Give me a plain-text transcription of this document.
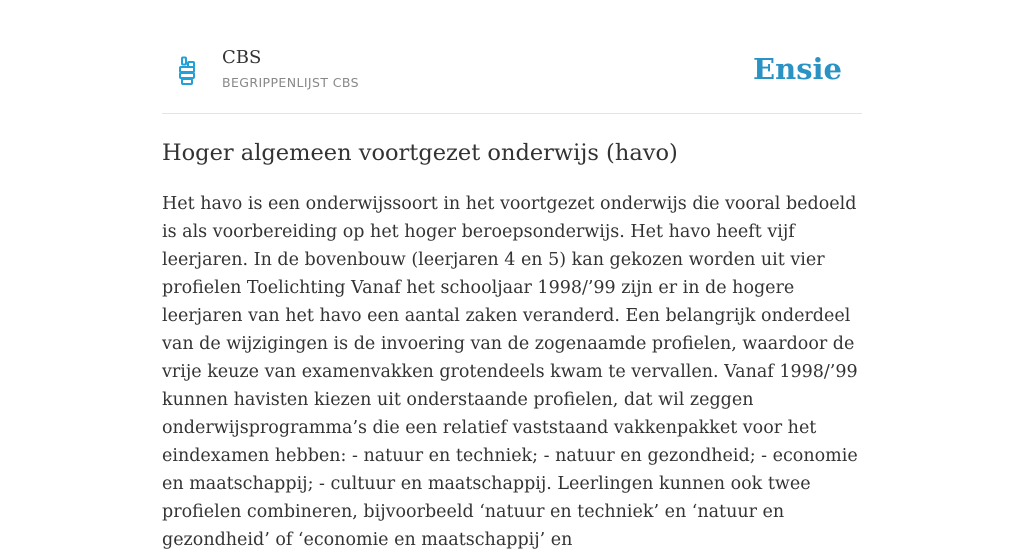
CBS
BEGRIPPENLIJST CBS	Ensie
Hoger algemeen voortgezet onderwijs (havo)

Het havo is een onderwijssoort in het voortgezet onderwijs die vooral bedoeld is als voorbereiding op het hoger beroepsonderwijs. Het havo heeft vijf leerjaren. In de bovenbouw (leerjaren 4 en 5) kan gekozen worden uit vier profielen Toelichting Vanaf het schooljaar 1998/’99 zijn er in de hogere leerjaren van het havo een aantal zaken veranderd. Een belangrijk onderdeel van de wijzigingen is de invoering van de zogenaamde profielen, waardoor de vrije keuze van examenvakken grotendeels kwam te vervallen. Vanaf 1998/’99 kunnen havisten kiezen uit onderstaande profielen, dat wil zeggen onderwijsprogramma’s die een relatief vaststaand vakkenpakket voor het eindexamen hebben: - natuur en techniek; - natuur en gezondheid; - economie en maatschappij; - cultuur en maatschappij. Leerlingen kunnen ook twee profielen combineren, bijvoorbeeld ‘natuur en techniek’ en ‘natuur en gezondheid’ of ‘economie en maatschappij’ en
